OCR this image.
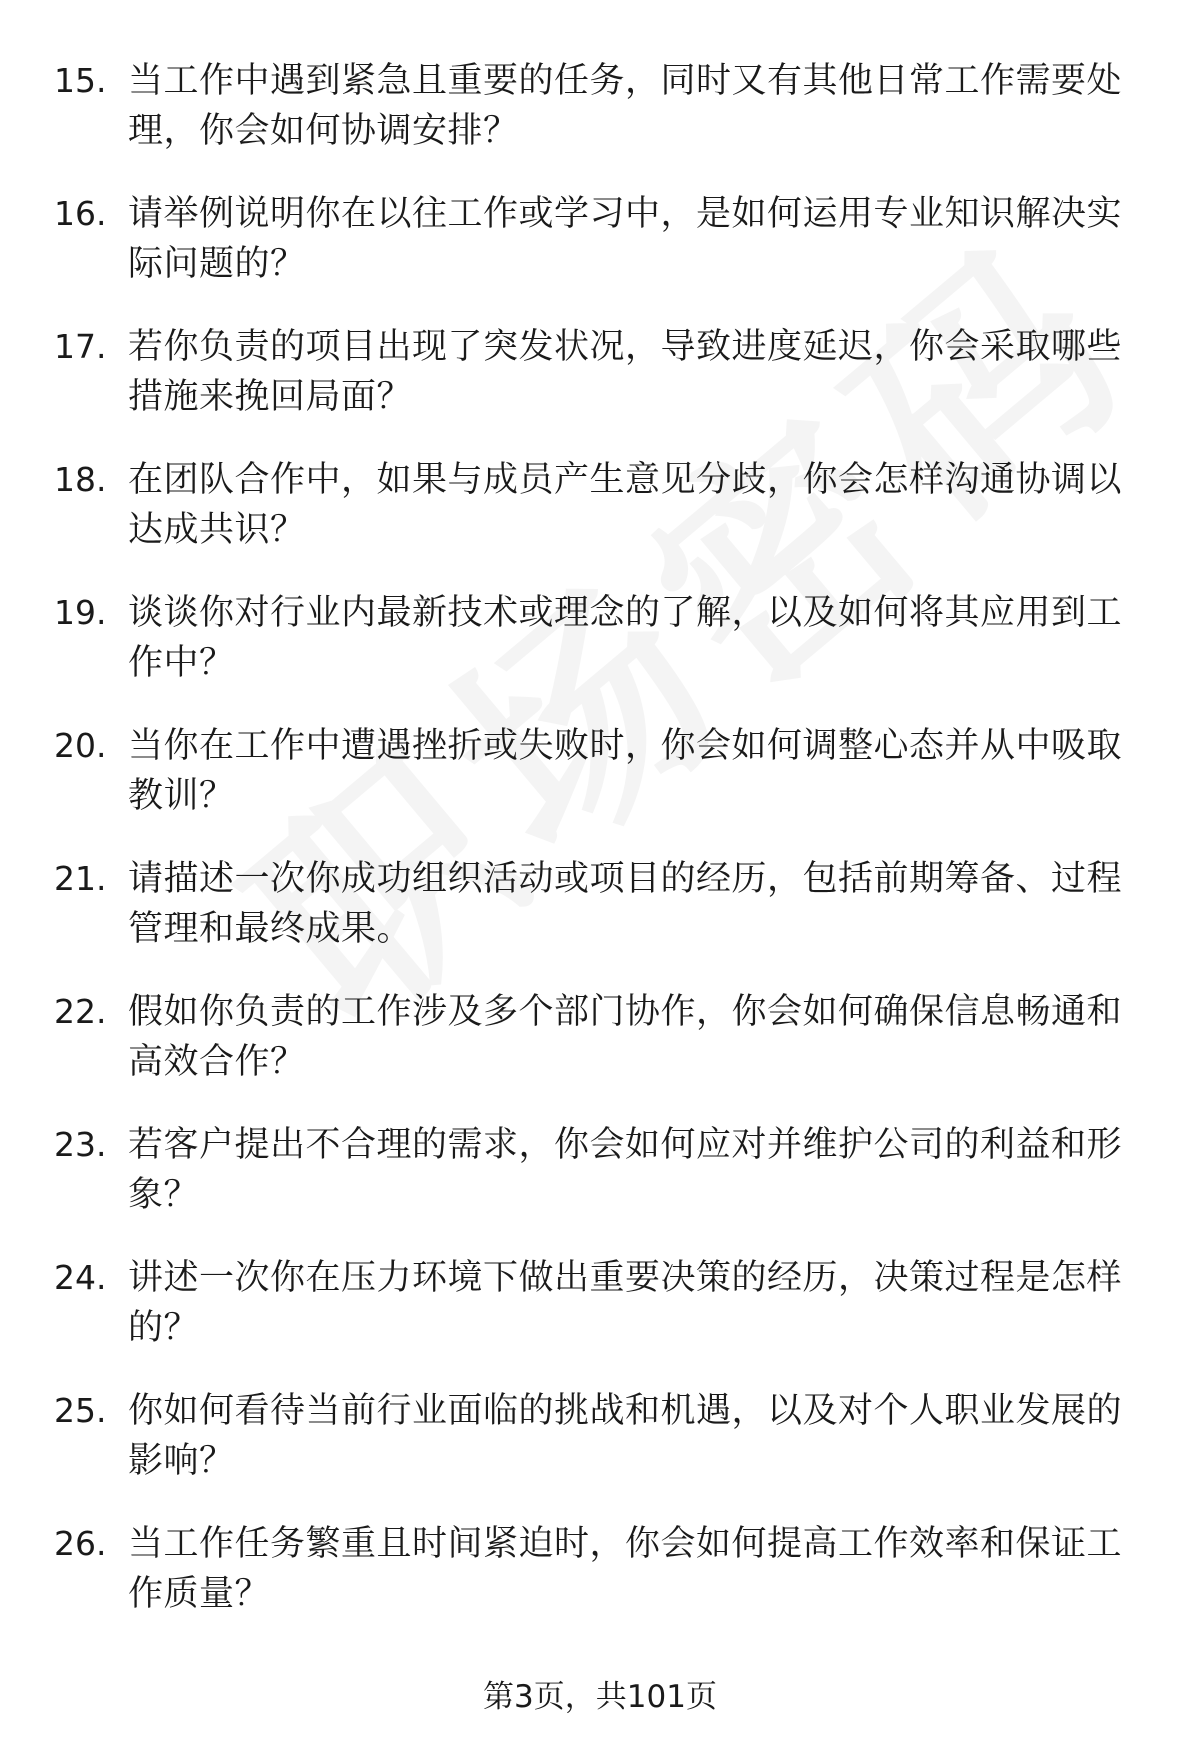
15. 当工作中遇到紧急且重要的任务，同时又有其他日常工作需要处理，你会如何协调安排？
16. 请举例说明你在以往工作或学习中，是如何运用专业知识解决实际问题的？
17. 若你负责的项目出现了突发状况，导致进度延迟，你会采取哪些措施来挽回局面？
18. 在团队合作中，如果与成员产生意见分歧，你会怎样沟通协调以达成共识？
19. 谈谈你对行业内最新技术或理念的了解，以及如何将其应用到工作中？
20. 当你在工作中遭遇挫折或失败时，你会如何调整心态并从中吸取教训？
21. 请描述一次你成功组织活动或项目的经历，包括前期筹备、过程管理和最终成果。
22. 假如你负责的工作涉及多个部门协作，你会如何确保信息畅通和高效合作？
23. 若客户提出不合理的需求，你会如何应对并维护公司的利益和形象？
24. 讲述一次你在压力环境下做出重要决策的经历，决策过程是怎样的？
25. 你如何看待当前行业面临的挑战和机遇，以及对个人职业发展的影响？
26. 当工作任务繁重且时间紧迫时，你会如何提高工作效率和保证工作质量？
第3页，共101页
